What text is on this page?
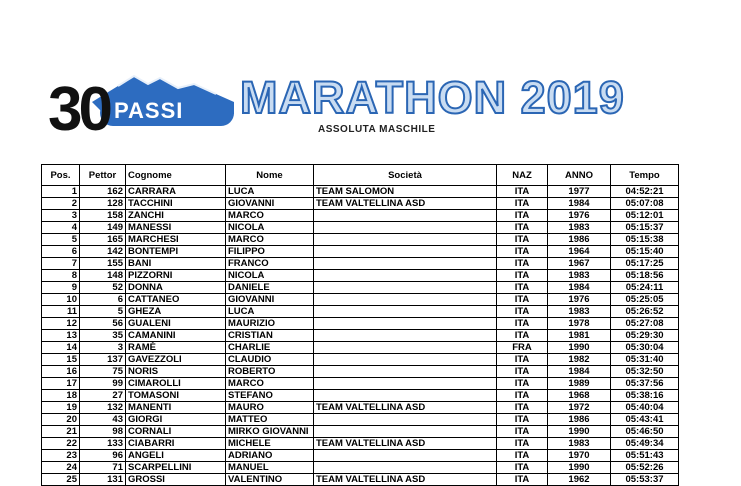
30 PASSI MARATHON 2019
ASSOLUTA MASCHILE
Pos.	Pettor	Cognome	Nome	Società	NAZ	ANNO	Tempo
1	162	CARRARA	LUCA	TEAM SALOMON	ITA	1977	04:52:21
2	128	TACCHINI	GIOVANNI	TEAM VALTELLINA ASD	ITA	1984	05:07:08
3	158	ZANCHI	MARCO		ITA	1976	05:12:01
4	149	MANESSI	NICOLA		ITA	1983	05:15:37
5	165	MARCHESI	MARCO		ITA	1986	05:15:38
6	142	BONTEMPI	FILIPPO		ITA	1964	05:15:40
7	155	BANI	FRANCO		ITA	1967	05:17:25
8	148	PIZZORNI	NICOLA		ITA	1983	05:18:56
9	52	DONNA	DANIELE		ITA	1984	05:24:11
10	6	CATTANEO	GIOVANNI		ITA	1976	05:25:05
11	5	GHEZA	LUCA		ITA	1983	05:26:52
12	56	GUALENI	MAURIZIO		ITA	1978	05:27:08
13	35	CAMANINI	CRISTIAN		ITA	1981	05:29:30
14	3	RAMÈ	CHARLIE		FRA	1990	05:30:04
15	137	GAVEZZOLI	CLAUDIO		ITA	1982	05:31:40
16	75	NORIS	ROBERTO		ITA	1984	05:32:50
17	99	CIMAROLLI	MARCO		ITA	1989	05:37:56
18	27	TOMASONI	STEFANO		ITA	1968	05:38:16
19	132	MANENTI	MAURO	TEAM VALTELLINA ASD	ITA	1972	05:40:04
20	43	GIORGI	MATTEO		ITA	1986	05:43:41
21	98	CORNALI	MIRKO GIOVANNI		ITA	1990	05:46:50
22	133	CIABARRI	MICHELE	TEAM VALTELLINA ASD	ITA	1983	05:49:34
23	96	ANGELI	ADRIANO		ITA	1970	05:51:43
24	71	SCARPELLINI	MANUEL		ITA	1990	05:52:26
25	131	GROSSI	VALENTINO	TEAM VALTELLINA ASD	ITA	1962	05:53:37
